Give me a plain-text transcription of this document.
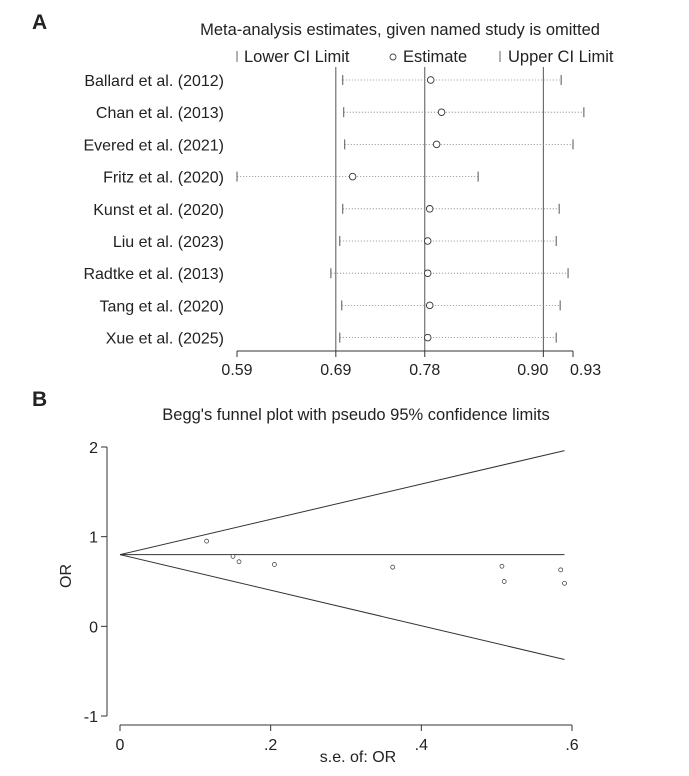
A
B
Meta-analysis estimates, given named study is omitted
Lower CI Limit	Estimate Upper CI Limit
0.59	0.69	0.78	0.90 0.93
Ballard et al. (2012)
Chan et al. (2013)
Evered et al. (2021)
Fritz et al. (2020)
Kunst et al. (2020)
Liu et al. (2023)
Radtke et al. (2013)
Tang et al. (2020)
Xue et al. (2025)
Begg's funnel plot with pseudo 95% confidence limits
-1
0
1
2
0	.2	.4	.6
s.e. of: OR
OR
